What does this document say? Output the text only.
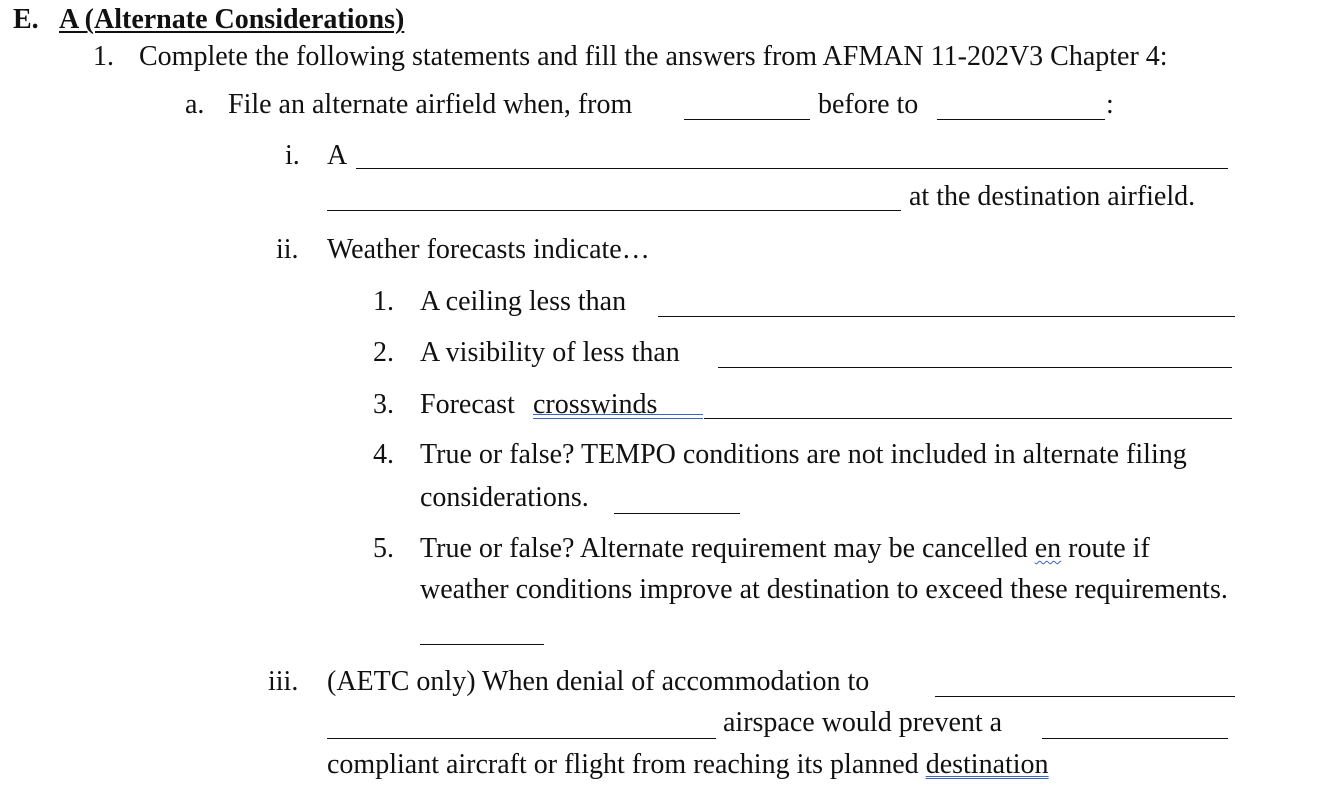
E. A (Alternate Considerations)
1. Complete the following statements and fill the answers from AFMAN 11-202V3 Chapter 4:
a. File an alternate airfield when, from	before to	:
i. A
at the destination airfield.
ii. Weather forecasts indicate…
1. A ceiling less than
2. A visibility of less than
3. Forecast crosswinds
4. True or false? TEMPO conditions are not included in alternate filing
considerations.
5. True or false? Alternate requirement may be cancelled en route if
weather conditions improve at destination to exceed these requirements.
iii. (AETC only) When denial of accommodation to
airspace would prevent a
compliant aircraft or flight from reaching its planned destination
